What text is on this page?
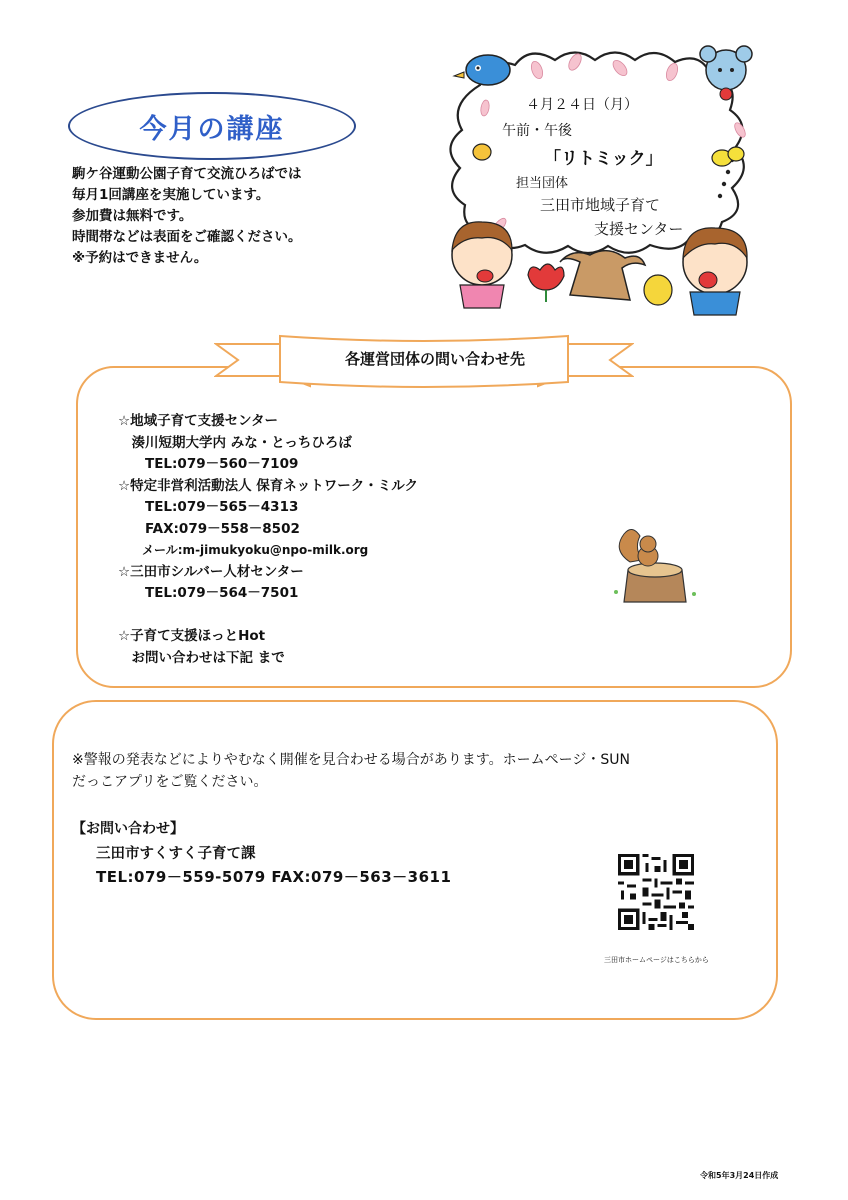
今月の講座
駒ケ谷運動公園子育て交流ひろばでは
毎月1回講座を実施しています。
参加費は無料です。
時間帯などは表面をご確認ください。
※予約はできません。
４月２４日（月）
午前・午後
「リトミック」
担当団体
三田市地域子育て
支援センター
各運営団体の問い合わせ先
☆地域子育て支援センター
　湊川短期大学内 みな・とっちひろば
　　TEL:079－560－7109
☆特定非営利活動法人 保育ネットワーク・ミルク
　　TEL:079－565－4313
　　FAX:079－558－8502
　　メール:m-jimukyoku@npo-milk.org
☆三田市シルバー人材センター
　　TEL:079－564－7501
☆子育て支援ほっとHot
　お問い合わせは下記 まで
※警報の発表などによりやむなく開催を見合わせる場合があります。ホームページ・SUN
だっこアプリをご覧ください。
【お問い合わせ】
三田市すくすく子育て課
TEL:079－559-5079 FAX:079－563－3611
三田市ホームページはこちらから
令和5年3月24日作成
